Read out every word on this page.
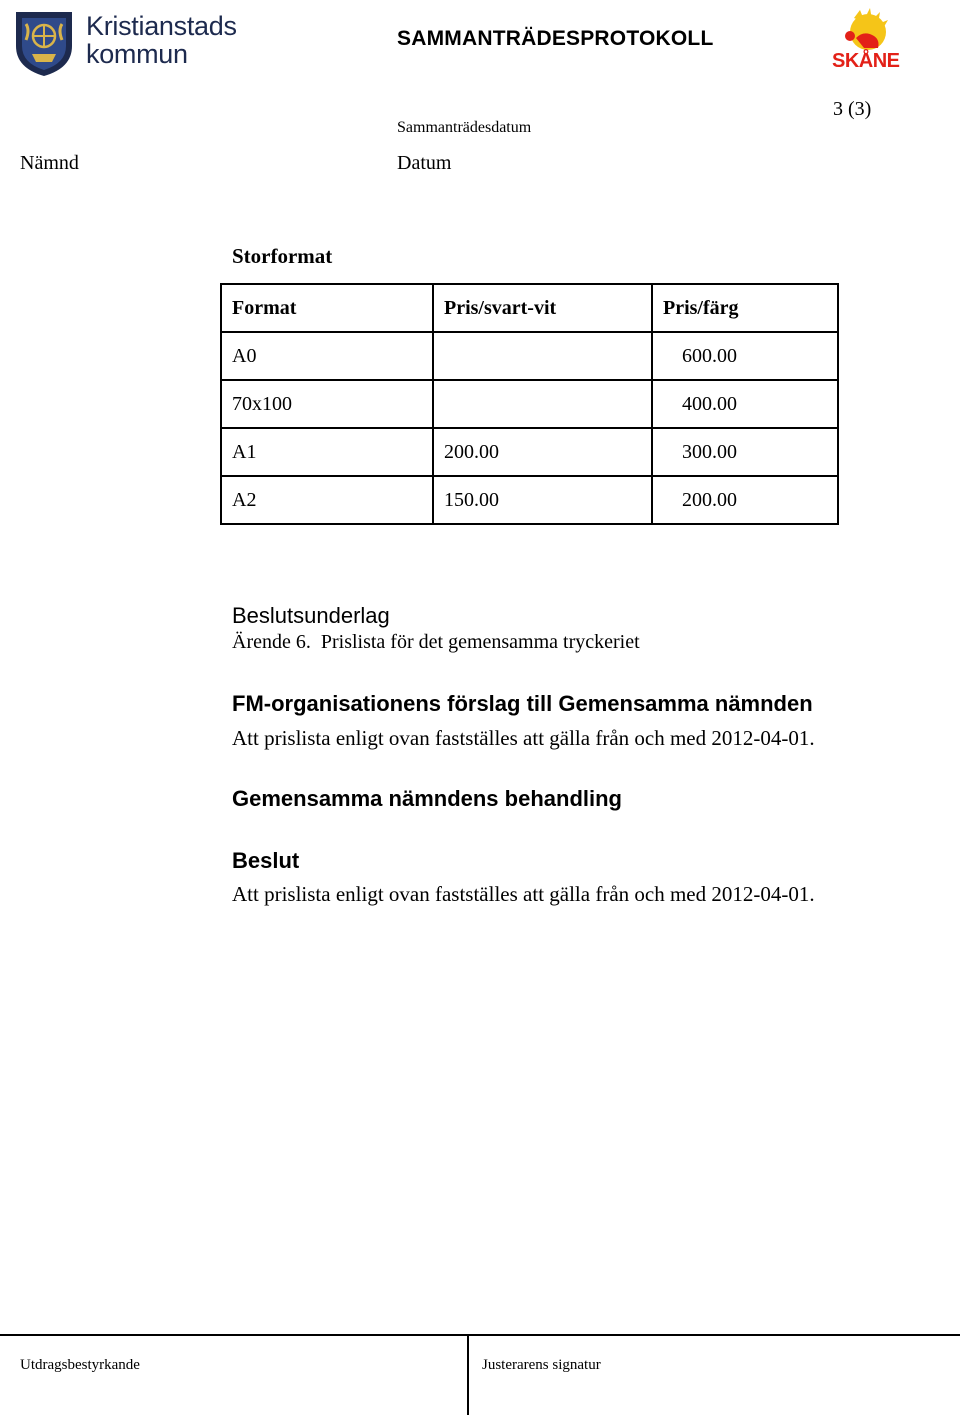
Kristianstads
kommun
SAMMANTRÄDESPROTOKOLL
SKÅNE
3 (3)
Sammanträdesdatum
Nämnd	Datum
Storformat
Format	Pris/svart-vit	Pris/färg
A0		600.00
70x100		400.00
A1	200.00	300.00
A2	150.00	200.00
Beslutsunderlag
Ärende 6.  Prislista för det gemensamma tryckeriet
FM-organisationens förslag till Gemensamma nämnden
Att prislista enligt ovan fastställes att gälla från och med 2012-04-01.
Gemensamma nämndens behandling
Beslut
Att prislista enligt ovan fastställes att gälla från och med 2012-04-01.
Utdragsbestyrkande	Justerarens signatur
